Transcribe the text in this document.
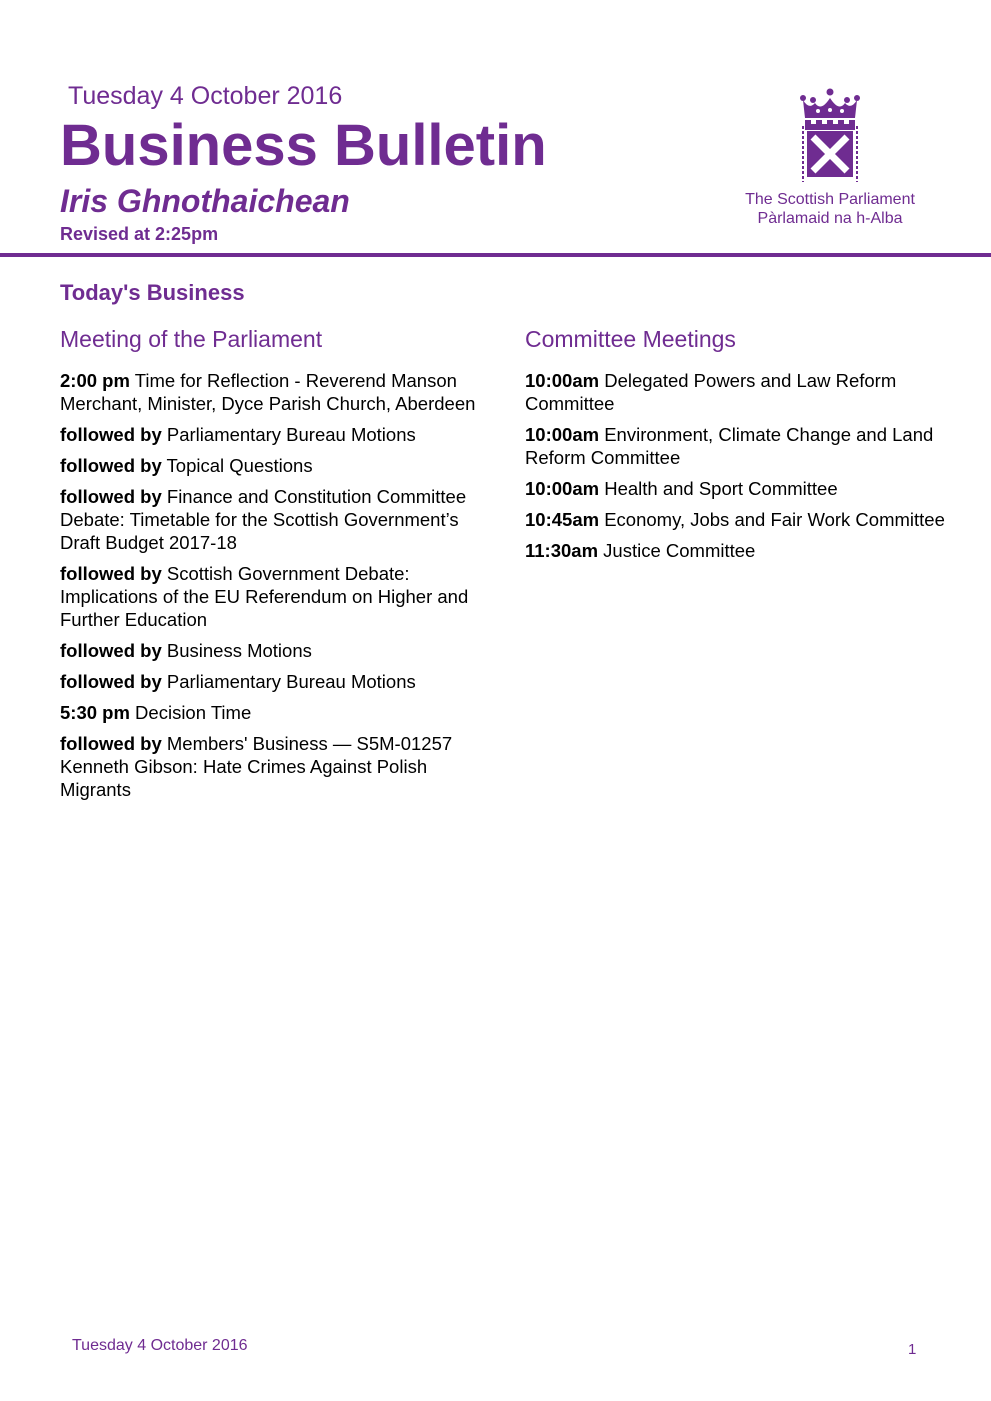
Tuesday 4 October 2016
Business Bulletin
Iris Ghnothaichean
Revised at 2:25pm
The Scottish Parliament
Pàrlamaid na h-Alba
Today's Business
Meeting of the Parliament
2:00 pm Time for Reflection - Reverend Manson Merchant, Minister, Dyce Parish Church, Aberdeen
followed by Parliamentary Bureau Motions
followed by Topical Questions
followed by Finance and Constitution Committee Debate: Timetable for the Scottish Government’s Draft Budget 2017-18
followed by Scottish Government Debate: Implications of the EU Referendum on Higher and Further Education
followed by Business Motions
followed by Parliamentary Bureau Motions
5:30 pm Decision Time
followed by Members' Business — S5M-01257 Kenneth Gibson: Hate Crimes Against Polish Migrants
Committee Meetings
10:00am Delegated Powers and Law Reform Committee
10:00am Environment, Climate Change and Land Reform Committee
10:00am Health and Sport Committee
10:45am Economy, Jobs and Fair Work Committee
11:30am Justice Committee
Tuesday 4 October 2016	1
